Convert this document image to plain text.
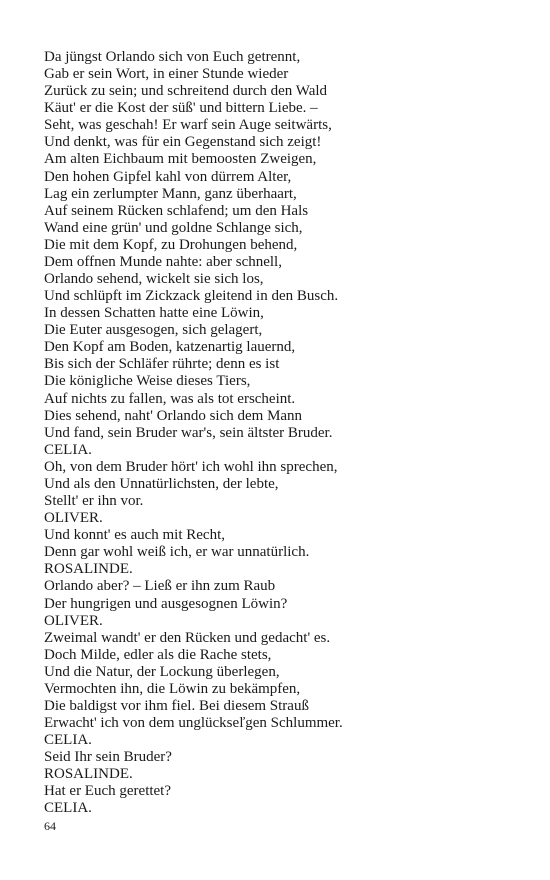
Da jüngst Orlando sich von Euch getrennt,
Gab er sein Wort, in einer Stunde wieder
Zurück zu sein; und schreitend durch den Wald
Käut' er die Kost der süß' und bittern Liebe. –
Seht, was geschah! Er warf sein Auge seitwärts,
Und denkt, was für ein Gegenstand sich zeigt!
Am alten Eichbaum mit bemoosten Zweigen,
Den hohen Gipfel kahl von dürrem Alter,
Lag ein zerlumpter Mann, ganz überhaart,
Auf seinem Rücken schlafend; um den Hals
Wand eine grün' und goldne Schlange sich,
Die mit dem Kopf, zu Drohungen behend,
Dem offnen Munde nahte: aber schnell,
Orlando sehend, wickelt sie sich los,
Und schlüpft im Zickzack gleitend in den Busch.
In dessen Schatten hatte eine Löwin,
Die Euter ausgesogen, sich gelagert,
Den Kopf am Boden, katzenartig lauernd,
Bis sich der Schläfer rührte; denn es ist
Die königliche Weise dieses Tiers,
Auf nichts zu fallen, was als tot erscheint.
Dies sehend, naht' Orlando sich dem Mann
Und fand, sein Bruder war's, sein ältster Bruder.
CELIA.
Oh, von dem Bruder hört' ich wohl ihn sprechen,
Und als den Unnatürlichsten, der lebte,
Stellt' er ihn vor.
OLIVER.
Und konnt' es auch mit Recht,
Denn gar wohl weiß ich, er war unnatürlich.
ROSALINDE.
Orlando aber? – Ließ er ihn zum Raub
Der hungrigen und ausgesognen Löwin?
OLIVER.
Zweimal wandt' er den Rücken und gedacht' es.
Doch Milde, edler als die Rache stets,
Und die Natur, der Lockung überlegen,
Vermochten ihn, die Löwin zu bekämpfen,
Die baldigst vor ihm fiel. Bei diesem Strauß
Erwacht' ich von dem unglückseľgen Schlummer.
CELIA.
Seid Ihr sein Bruder?
ROSALINDE.
Hat er Euch gerettet?
CELIA.
64
